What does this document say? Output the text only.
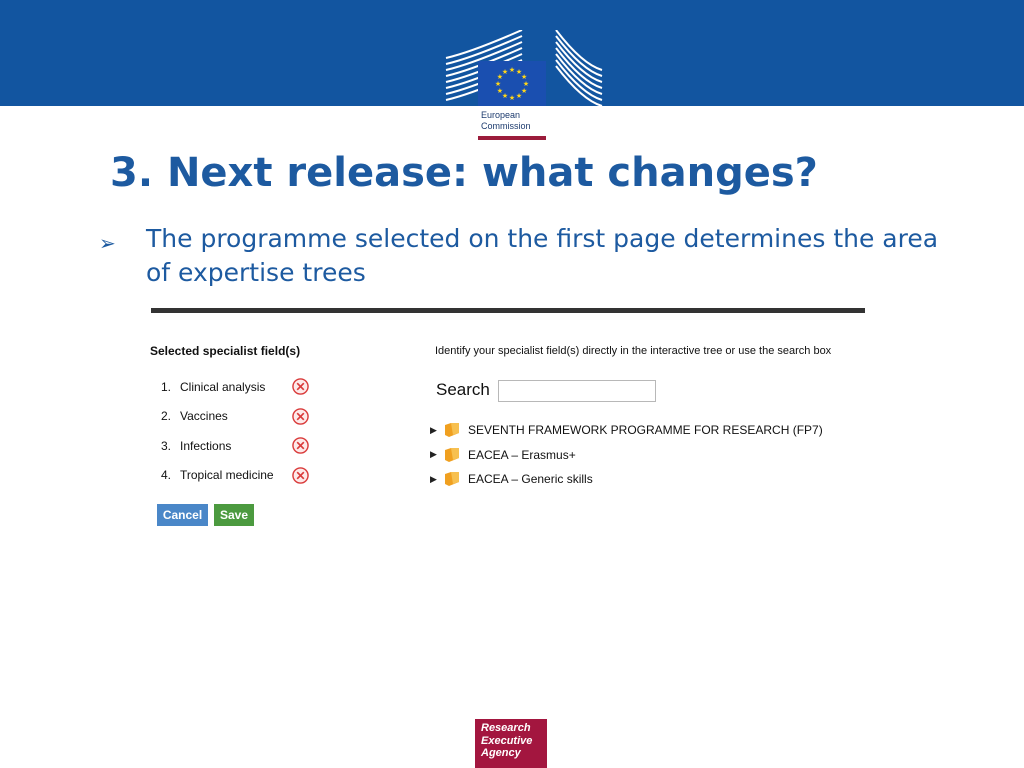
★ ★
★
★
★
★
★
★
★
★
★
★
European
Commission
3. Next release: what changes?
➢ The programme selected on the first page determines the area of expertise trees
Selected specialist field(s)
1. Clinical analysis
2. Vaccines
3. Infections
4. Tropical medicine
Cancel	Save
Identify your specialist field(s) directly in the interactive tree or use the search box
Search
▶	SEVENTH FRAMEWORK PROGRAMME FOR RESEARCH (FP7)
▶	EACEA – Erasmus+
▶	EACEA – Generic skills
Research
Executive
Agency
